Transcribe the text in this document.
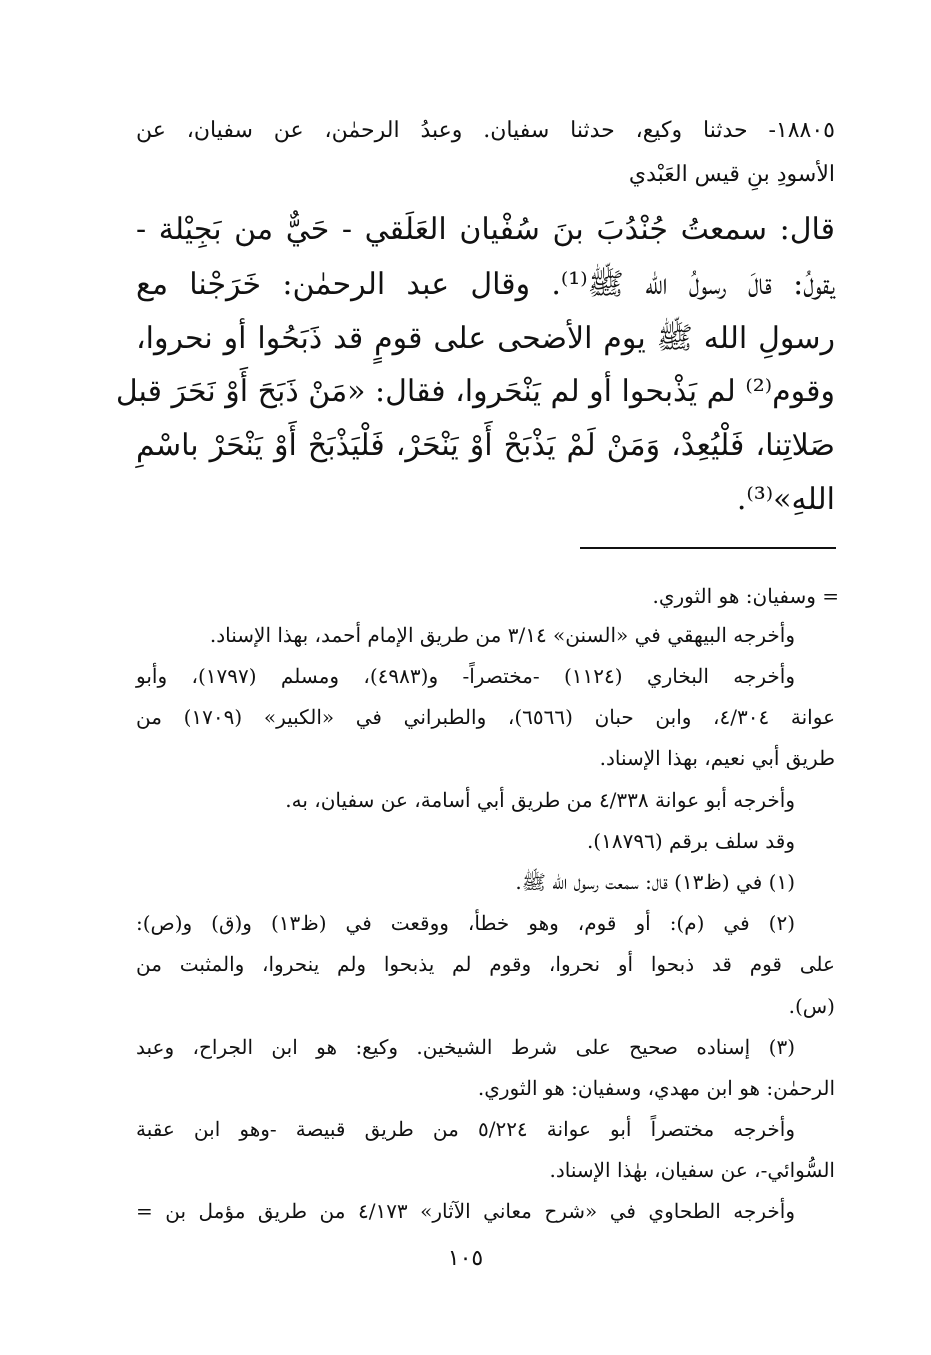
١٨٨٠٥- حدثنا وكيع، حدثنا سفيان. وعبدُ الرحمٰن، عن سفيان، عن
الأسودِ بنِ قيس العَبْدي
قال: سمعتُ جُنْدُبَ بنَ سُفْيان العَلَقي - حَيٌّ من بَجِيْلة -
يقولُ: قالَ رسولُ الله ﷺ⁽¹⁾. وقال عبد الرحمٰن: خَرَجْنا مع
رسولِ الله ﷺ يوم الأضحى على قومٍ قد ذَبَحُوا أو نحروا،
وقوم⁽²⁾ لم يَذْبحوا أو لم يَنْحَروا، فقال: «مَنْ ذَبَحَ أَوْ نَحَرَ قبل
صَلاتِنا، فَلْيُعِدْ، وَمَنْ لَمْ يَذْبَحْ أَوْ يَنْحَرْ، فَلْيَذْبَحْ أَوْ يَنْحَرْ باسْمِ
اللهِ»⁽³⁾.
= وسفيان: هو الثوري.
وأخرجه البيهقي في «السنن» ٣/١٤ من طريق الإمام أحمد، بهذا الإسناد.
وأخرجه البخاري (١١٢٤) -مختصراً- و(٤٩٨٣)، ومسلم (١٧٩٧)، وأبو
عوانة ٤/٣٠٤، وابن حبان (٦٥٦٦)، والطبراني في «الكبير» (١٧٠٩) من
طريق أبي نعيم، بهذا الإسناد.
وأخرجه أبو عوانة ٤/٣٣٨ من طريق أبي أسامة، عن سفيان، به.
وقد سلف برقم (١٨٧٩٦).
(١) في (ظ١٣) قال: سمعت رسول الله ﷺ.
(٢) في (م): أو قوم، وهو خطأ، ووقعت في (ظ١٣) و(ق) و(ص):
على قوم قد ذبحوا أو نحروا، وقوم لم يذبحوا ولم ينحروا، والمثبت من
(س).
(٣) إسناده صحيح على شرط الشيخين. وكيع: هو ابن الجراح، وعبد
الرحمٰن: هو ابن مهدي، وسفيان: هو الثوري.
وأخرجه مختصراً أبو عوانة ٥/٢٢٤ من طريق قبيصة -وهو ابن عقبة
السُّوائي-، عن سفيان، بهٰذا الإسناد.
وأخرجه الطحاوي في «شرح معاني الآثار» ٤/١٧٣ من طريق مؤمل بن =
١٠٥
